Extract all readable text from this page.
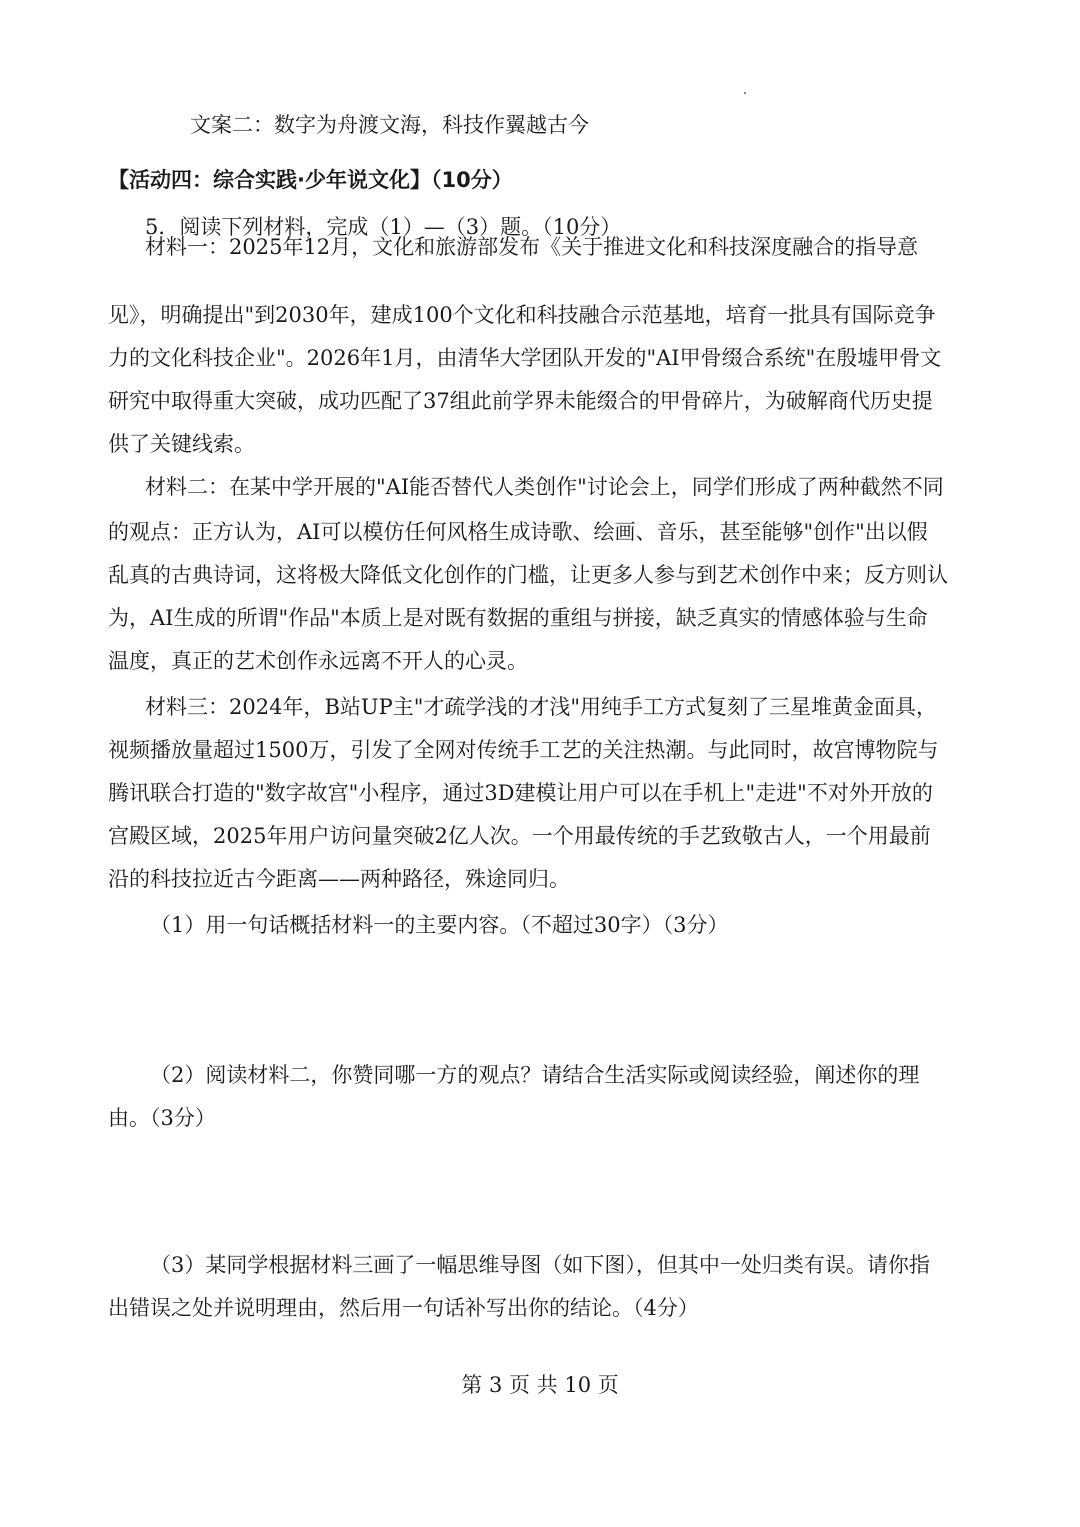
文案二：数字为舟渡文海，科技作翼越古今
【活动四：综合实践·少年说文化】（10分）
5．阅读下列材料，完成（1）—（3）题。（10分）
材料一：2025年12月，文化和旅游部发布《关于推进文化和科技深度融合的指导意
见》，明确提出"到2030年，建成100个文化和科技融合示范基地，培育一批具有国际竞争
力的文化科技企业"。2026年1月，由清华大学团队开发的"AI甲骨缀合系统"在殷墟甲骨文
研究中取得重大突破，成功匹配了37组此前学界未能缀合的甲骨碎片，为破解商代历史提
供了关键线索。
材料二：在某中学开展的"AI能否替代人类创作"讨论会上，同学们形成了两种截然不同
的观点：正方认为，AI可以模仿任何风格生成诗歌、绘画、音乐，甚至能够"创作"出以假
乱真的古典诗词，这将极大降低文化创作的门槛，让更多人参与到艺术创作中来；反方则认
为，AI生成的所谓"作品"本质上是对既有数据的重组与拼接，缺乏真实的情感体验与生命
温度，真正的艺术创作永远离不开人的心灵。
材料三：2024年，B站UP主"才疏学浅的才浅"用纯手工方式复刻了三星堆黄金面具，
视频播放量超过1500万，引发了全网对传统手工艺的关注热潮。与此同时，故宫博物院与
腾讯联合打造的"数字故宫"小程序，通过3D建模让用户可以在手机上"走进"不对外开放的
宫殿区域，2025年用户访问量突破2亿人次。一个用最传统的手艺致敬古人，一个用最前
沿的科技拉近古今距离——两种路径，殊途同归。
（1）用一句话概括材料一的主要内容。（不超过30字）（3分）
（2）阅读材料二，你赞同哪一方的观点？请结合生活实际或阅读经验，阐述你的理
由。（3分）
（3）某同学根据材料三画了一幅思维导图（如下图），但其中一处归类有误。请你指
出错误之处并说明理由，然后用一句话补写出你的结论。（4分）
第 3 页 共 10 页
